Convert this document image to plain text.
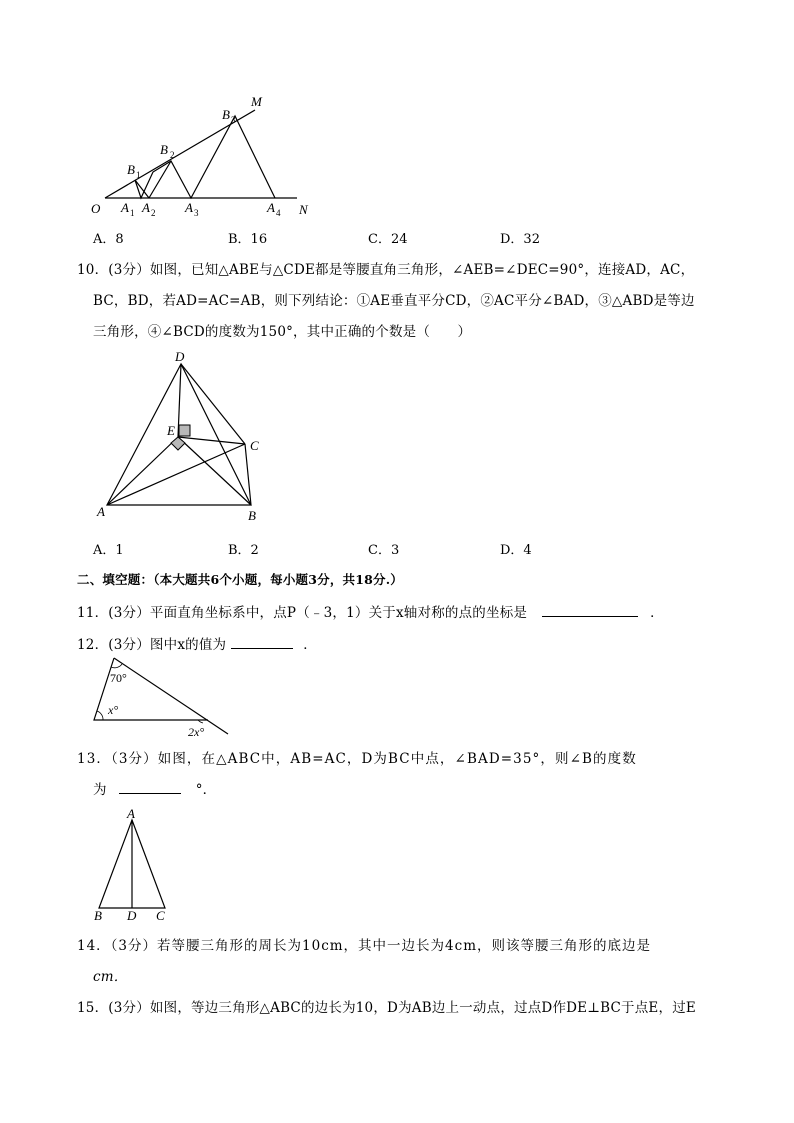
O
M
N
B 1
B 2
B 3
A 1 A 2 A 3	A 4
A．8	B．16	C．24	D．32
10．(3分）如图，已知△ABE与△CDE都是等腰直角三角形，∠AEB=∠DEC=90°，连接AD，AC，
BC，BD，若AD=AC=AB，则下列结论：①AE垂直平分CD，②AC平分∠BAD，③△ABD是等边
三角形，④∠BCD的度数为150°，其中正确的个数是（　　）
D
E
C
A	B
A．1	B．2	C．3	D．4
二、填空题：（本大题共6个小题，每小题3分，共18分.）
11．(3分）平面直角坐标系中，点P（﹣3，1）关于x轴对称的点的坐标是	．
12．(3分）图中x的值为	．
70°
x°
2x°
13．（3分）如图，在△ABC中，AB=AC，D为BC中点，∠BAD=35°，则∠B的度数
为	°．
A
B D C
14．（3分）若等腰三角形的周长为10cm，其中一边长为4cm，则该等腰三角形的底边是
cm．
15．(3分）如图，等边三角形△ABC的边长为10，D为AB边上一动点，过点D作DE⊥BC于点E，过E
